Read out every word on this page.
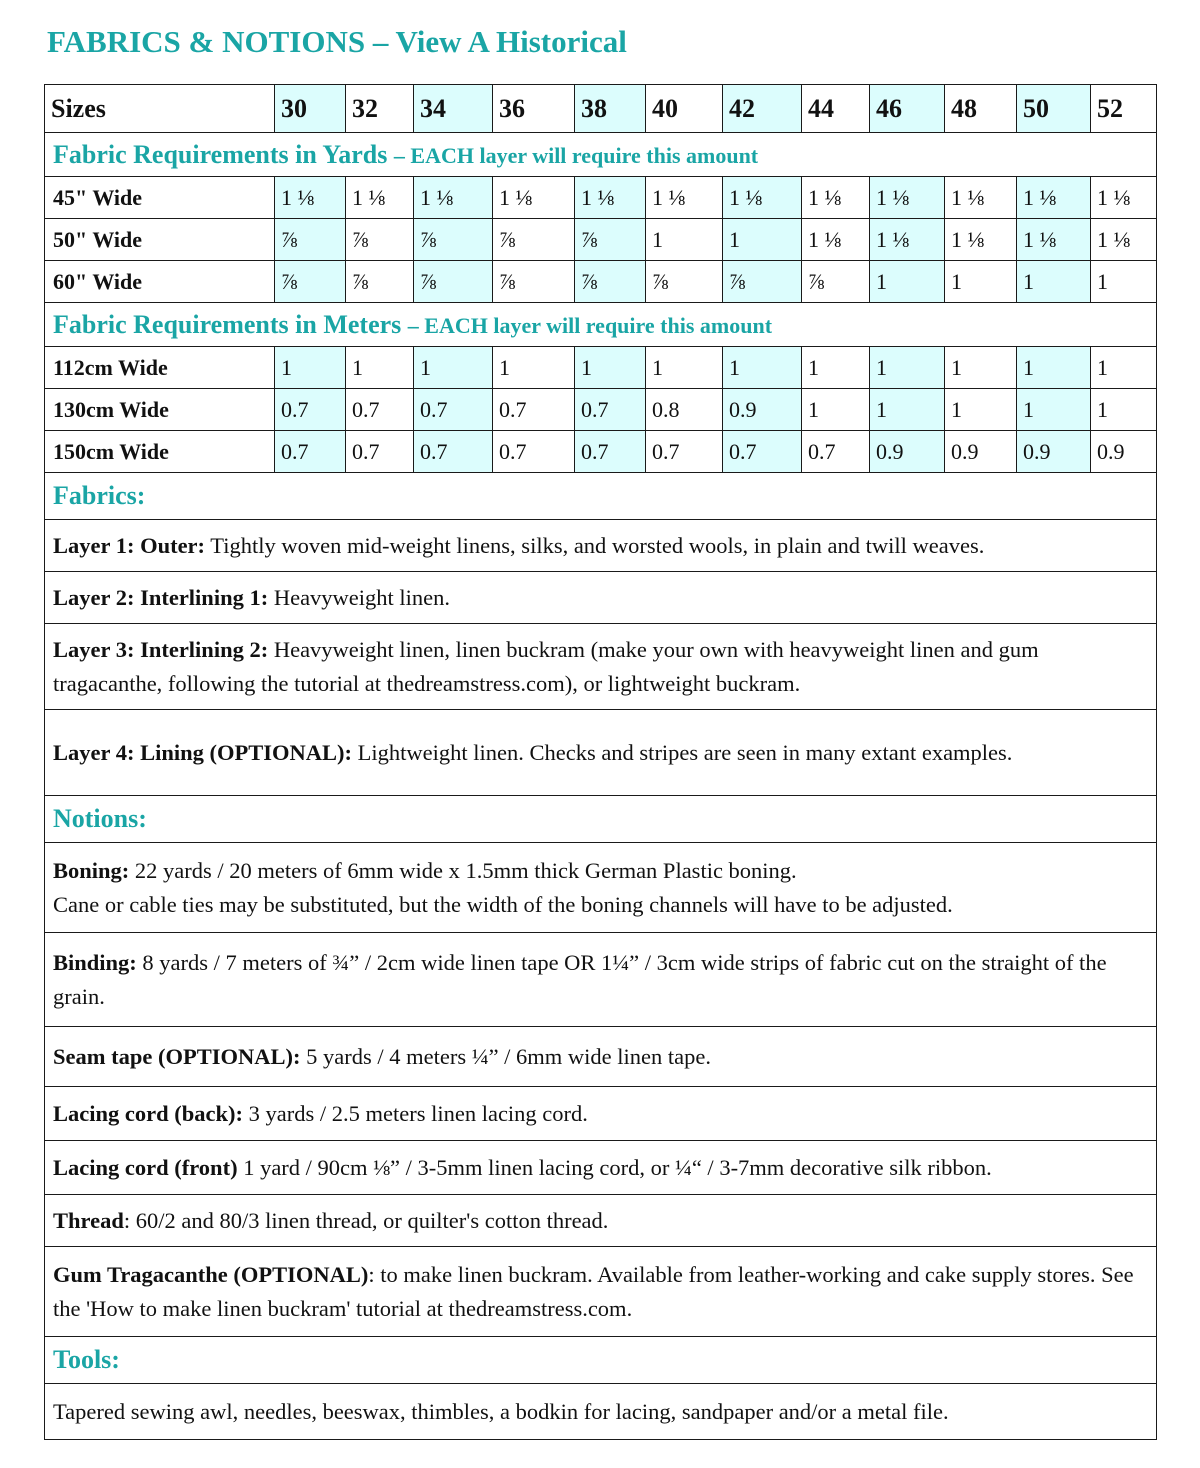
FABRICS & NOTIONS – View A Historical
Sizes	30	32	34	36	38	40	42	44	46	48	50	52
Fabric Requirements in Yards – EACH layer will require this amount												
45" Wide	1 ⅛	1 ⅛	1 ⅛	1 ⅛	1 ⅛	1 ⅛	1 ⅛	1 ⅛	1 ⅛	1 ⅛	1 ⅛	1 ⅛
50" Wide	⅞	⅞	⅞	⅞	⅞	1	1	1 ⅛	1 ⅛	1 ⅛	1 ⅛	1 ⅛
60" Wide	⅞	⅞	⅞	⅞	⅞	⅞	⅞	⅞	1	1	1	1
Fabric Requirements in Meters – EACH layer will require this amount												
112cm Wide	1	1	1	1	1	1	1	1	1	1	1	1
130cm Wide	0.7	0.7	0.7	0.7	0.7	0.8	0.9	1	1	1	1	1
150cm Wide	0.7	0.7	0.7	0.7	0.7	0.7	0.7	0.7	0.9	0.9	0.9	0.9
Fabrics:												
Layer 1: Outer: Tightly woven mid-weight linens, silks, and worsted wools, in plain and twill weaves.												
Layer 2: Interlining 1: Heavyweight linen.												
Layer 3: Interlining 2: Heavyweight linen, linen buckram (make your own with heavyweight linen and gum tragacanthe, following the tutorial at thedreamstress.com), or lightweight buckram.												
Layer 4: Lining (OPTIONAL): Lightweight linen. Checks and stripes are seen in many extant examples.												
Notions:												
Boning: 22 yards / 20 meters of 6mm wide x 1.5mm thick German Plastic boning.
Cane or cable ties may be substituted, but the width of the boning channels will have to be adjusted.												
Binding: 8 yards / 7 meters of ¾” / 2cm wide linen tape OR 1¼” / 3cm wide strips of fabric cut on the straight of the grain.												
Seam tape (OPTIONAL): 5 yards / 4 meters ¼” / 6mm wide linen tape.												
Lacing cord (back): 3 yards / 2.5 meters linen lacing cord.												
Lacing cord (front) 1 yard / 90cm ⅛” / 3-5mm linen lacing cord, or ¼“ / 3-7mm decorative silk ribbon.												
Thread: 60/2 and 80/3 linen thread, or quilter's cotton thread.												
Gum Tragacanthe (OPTIONAL): to make linen buckram. Available from leather-working and cake supply stores. See the 'How to make linen buckram' tutorial at thedreamstress.com.												
Tools:												
Tapered sewing awl, needles, beeswax, thimbles, a bodkin for lacing, sandpaper and/or a metal file.												
